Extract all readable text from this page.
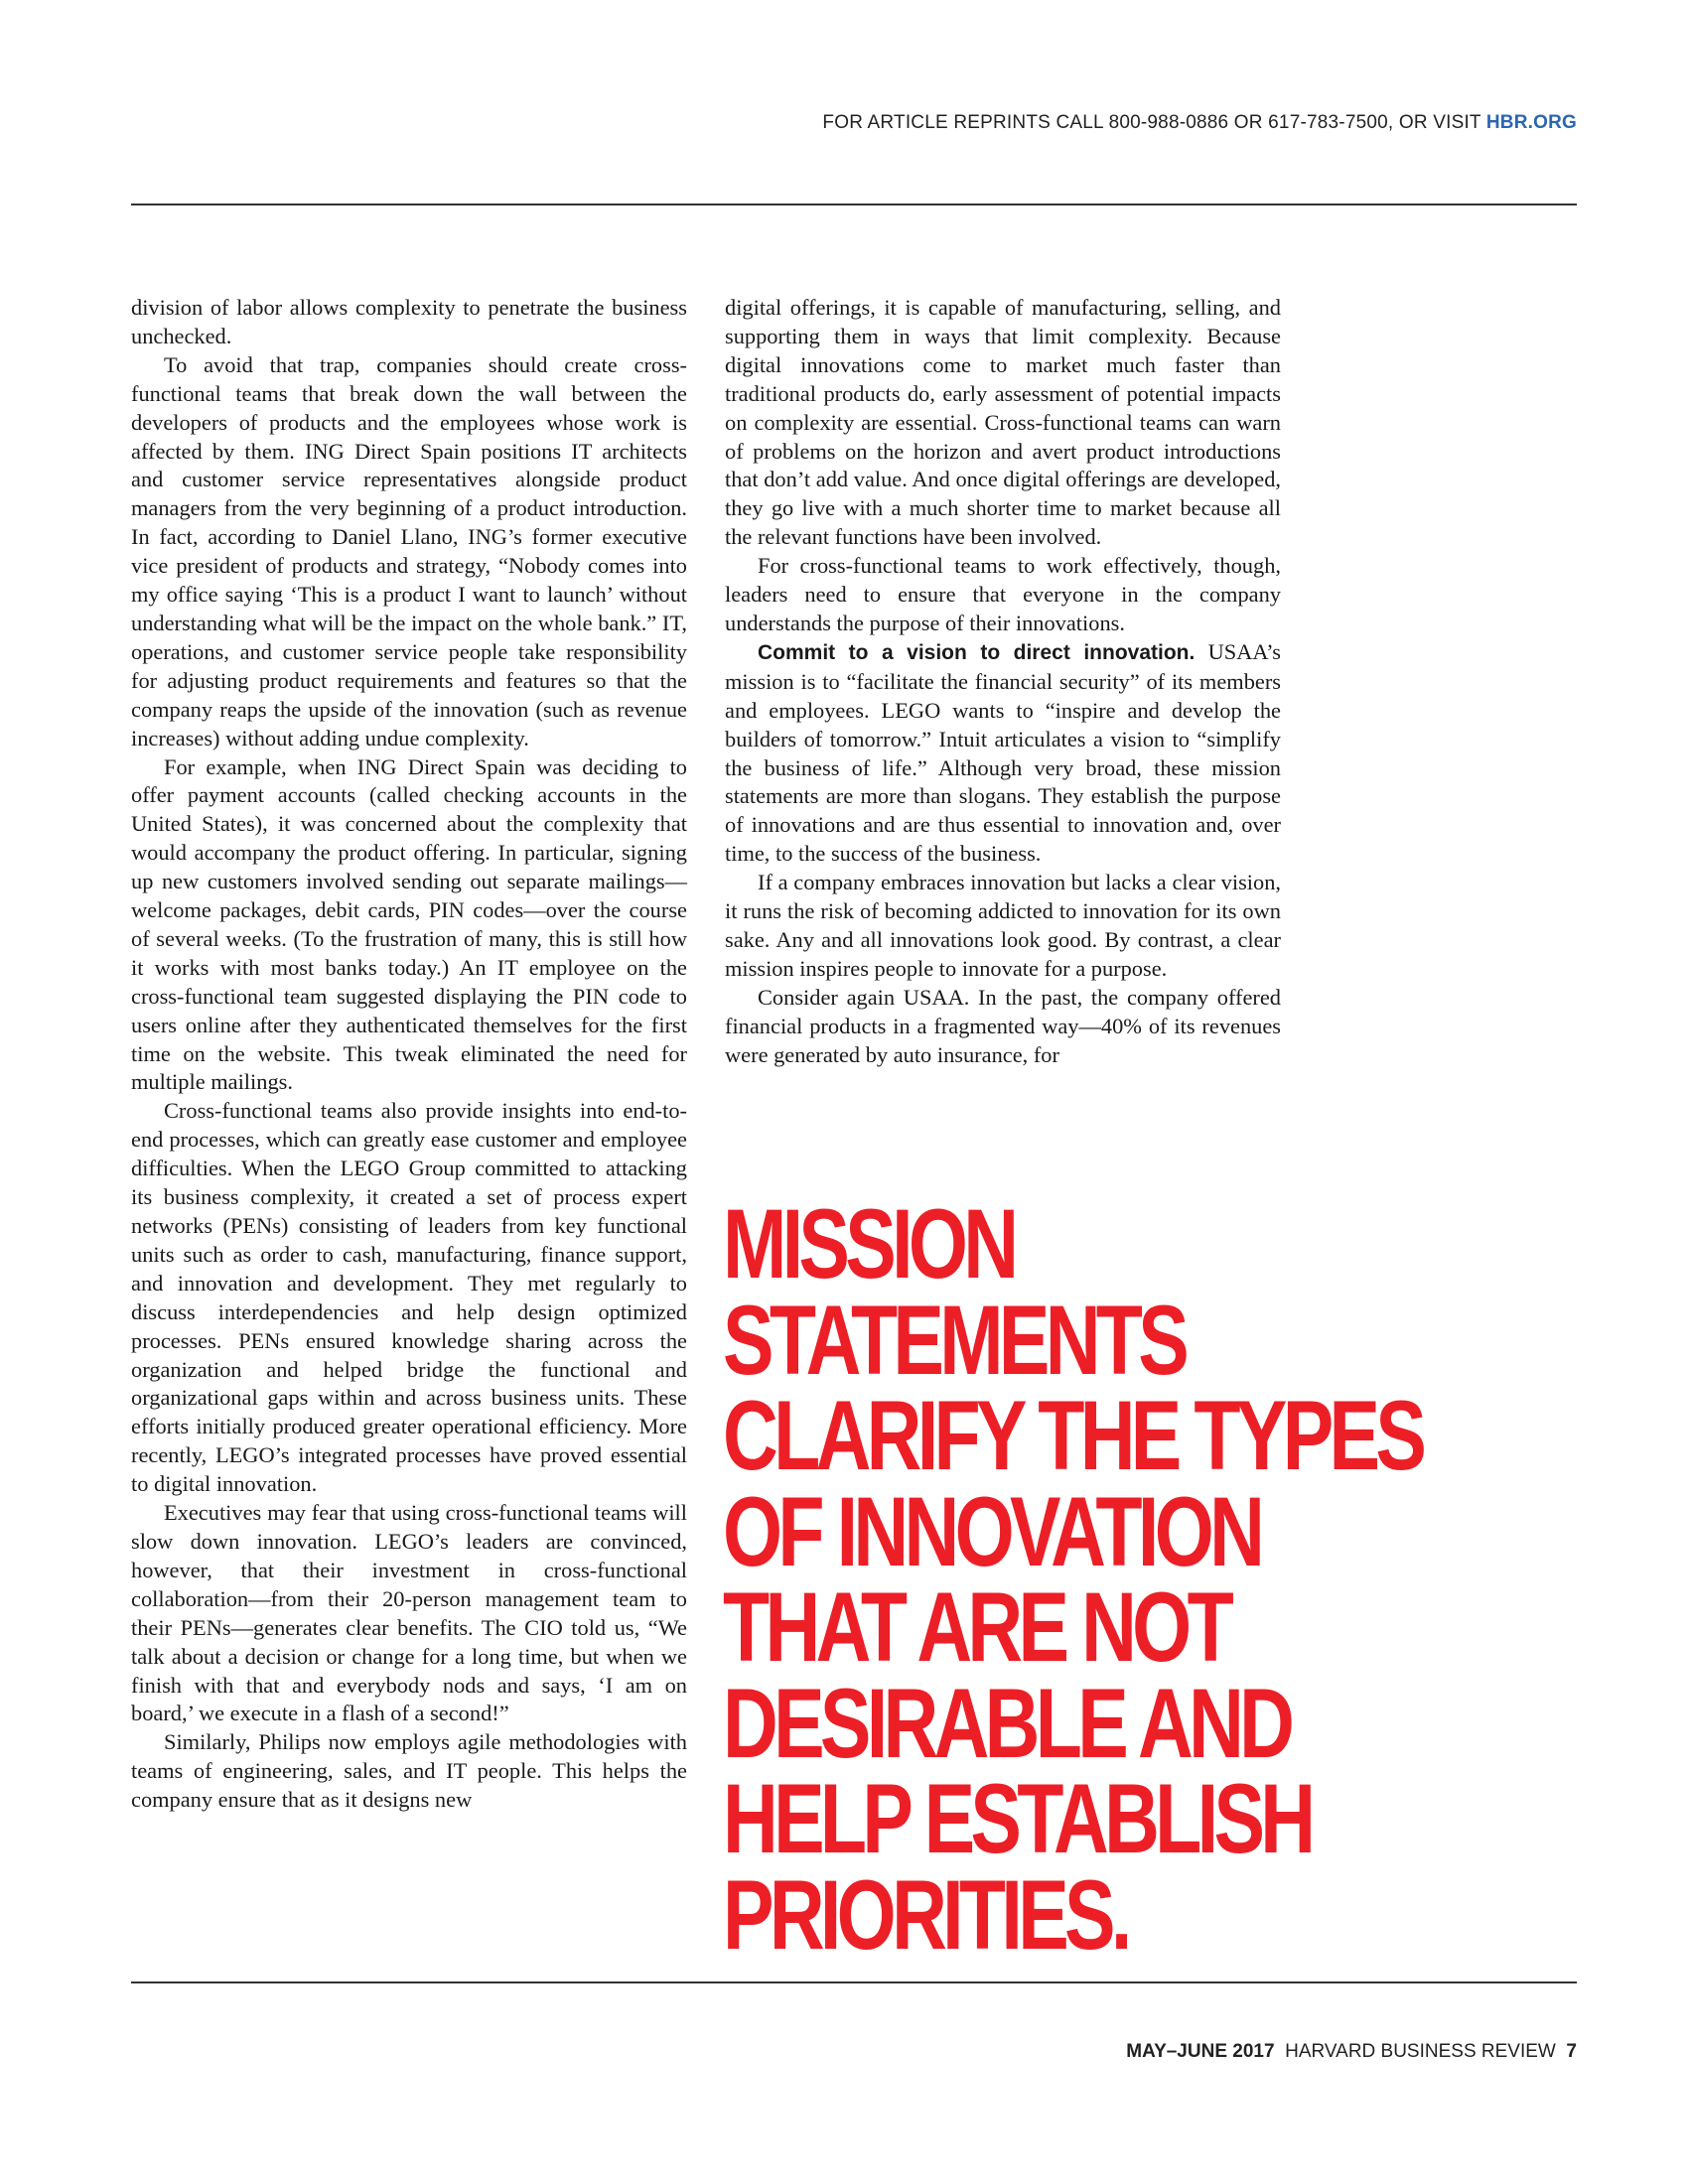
FOR ARTICLE REPRINTS CALL 800-988-0886 OR 617-783-7500, OR VISIT HBR.ORG

division of labor allows complexity to penetrate the business unchecked.

To avoid that trap, companies should create cross-functional teams that break down the wall between the developers of products and the employees whose work is affected by them. ING Direct Spain positions IT architects and customer service representatives alongside product managers from the very beginning of a product introduction. In fact, according to Daniel Llano, ING’s former executive vice president of products and strategy, “Nobody comes into my office saying ‘This is a product I want to launch’ without understanding what will be the impact on the whole bank.” IT, operations, and customer service people take responsibility for adjusting product requirements and features so that the company reaps the upside of the innovation (such as revenue increases) without adding undue complexity.

For example, when ING Direct Spain was deciding to offer payment accounts (called checking accounts in the United States), it was concerned about the complexity that would accompany the product offering. In particular, signing up new customers involved sending out separate mailings—welcome packages, debit cards, PIN codes—over the course of several weeks. (To the frustration of many, this is still how it works with most banks today.) An IT employee on the cross-functional team suggested displaying the PIN code to users online after they authenticated themselves for the first time on the website. This tweak eliminated the need for multiple mailings.

Cross-functional teams also provide insights into end-to-end processes, which can greatly ease customer and employee difficulties. When the LEGO Group committed to attacking its business complexity, it created a set of process expert networks (PENs) consisting of leaders from key functional units such as order to cash, manufacturing, finance support, and innovation and development. They met regularly to discuss interdependencies and help design optimized processes. PENs ensured knowledge sharing across the organization and helped bridge the functional and organizational gaps within and across business units. These efforts initially produced greater operational efficiency. More recently, LEGO’s integrated processes have proved essential to digital innovation.

Executives may fear that using cross-functional teams will slow down innovation. LEGO’s leaders are convinced, however, that their investment in cross-functional collaboration—from their 20-person management team to their PENs—generates clear benefits. The CIO told us, “We talk about a decision or change for a long time, but when we finish with that and everybody nods and says, ‘I am on board,’ we execute in a flash of a second!”

Similarly, Philips now employs agile methodologies with teams of engineering, sales, and IT people. This helps the company ensure that as it designs new

digital offerings, it is capable of manufacturing, selling, and supporting them in ways that limit complexity. Because digital innovations come to market much faster than traditional products do, early assessment of potential impacts on complexity are essential. Cross-functional teams can warn of problems on the horizon and avert product introductions that don’t add value. And once digital offerings are developed, they go live with a much shorter time to market because all the relevant functions have been involved.

For cross-functional teams to work effectively, though, leaders need to ensure that everyone in the company understands the purpose of their innovations.

Commit to a vision to direct innovation. USAA’s mission is to “facilitate the financial security” of its members and employees. LEGO wants to “inspire and develop the builders of tomorrow.” Intuit articulates a vision to “simplify the business of life.” Although very broad, these mission statements are more than slogans. They establish the purpose of innovations and are thus essential to innovation and, over time, to the success of the business.

If a company embraces innovation but lacks a clear vision, it runs the risk of becoming addicted to innovation for its own sake. Any and all innovations look good. By contrast, a clear mission inspires people to innovate for a purpose.

Consider again USAA. In the past, the company offered financial products in a fragmented way—40% of its revenues were generated by auto insurance, for

MISSION
STATEMENTS
CLARIFY THE TYPES
OF INNOVATION
THAT ARE NOT
DESIRABLE AND
HELP ESTABLISH
PRIORITIES.
MAY–JUNE 2017 HARVARD BUSINESS REVIEW 7
